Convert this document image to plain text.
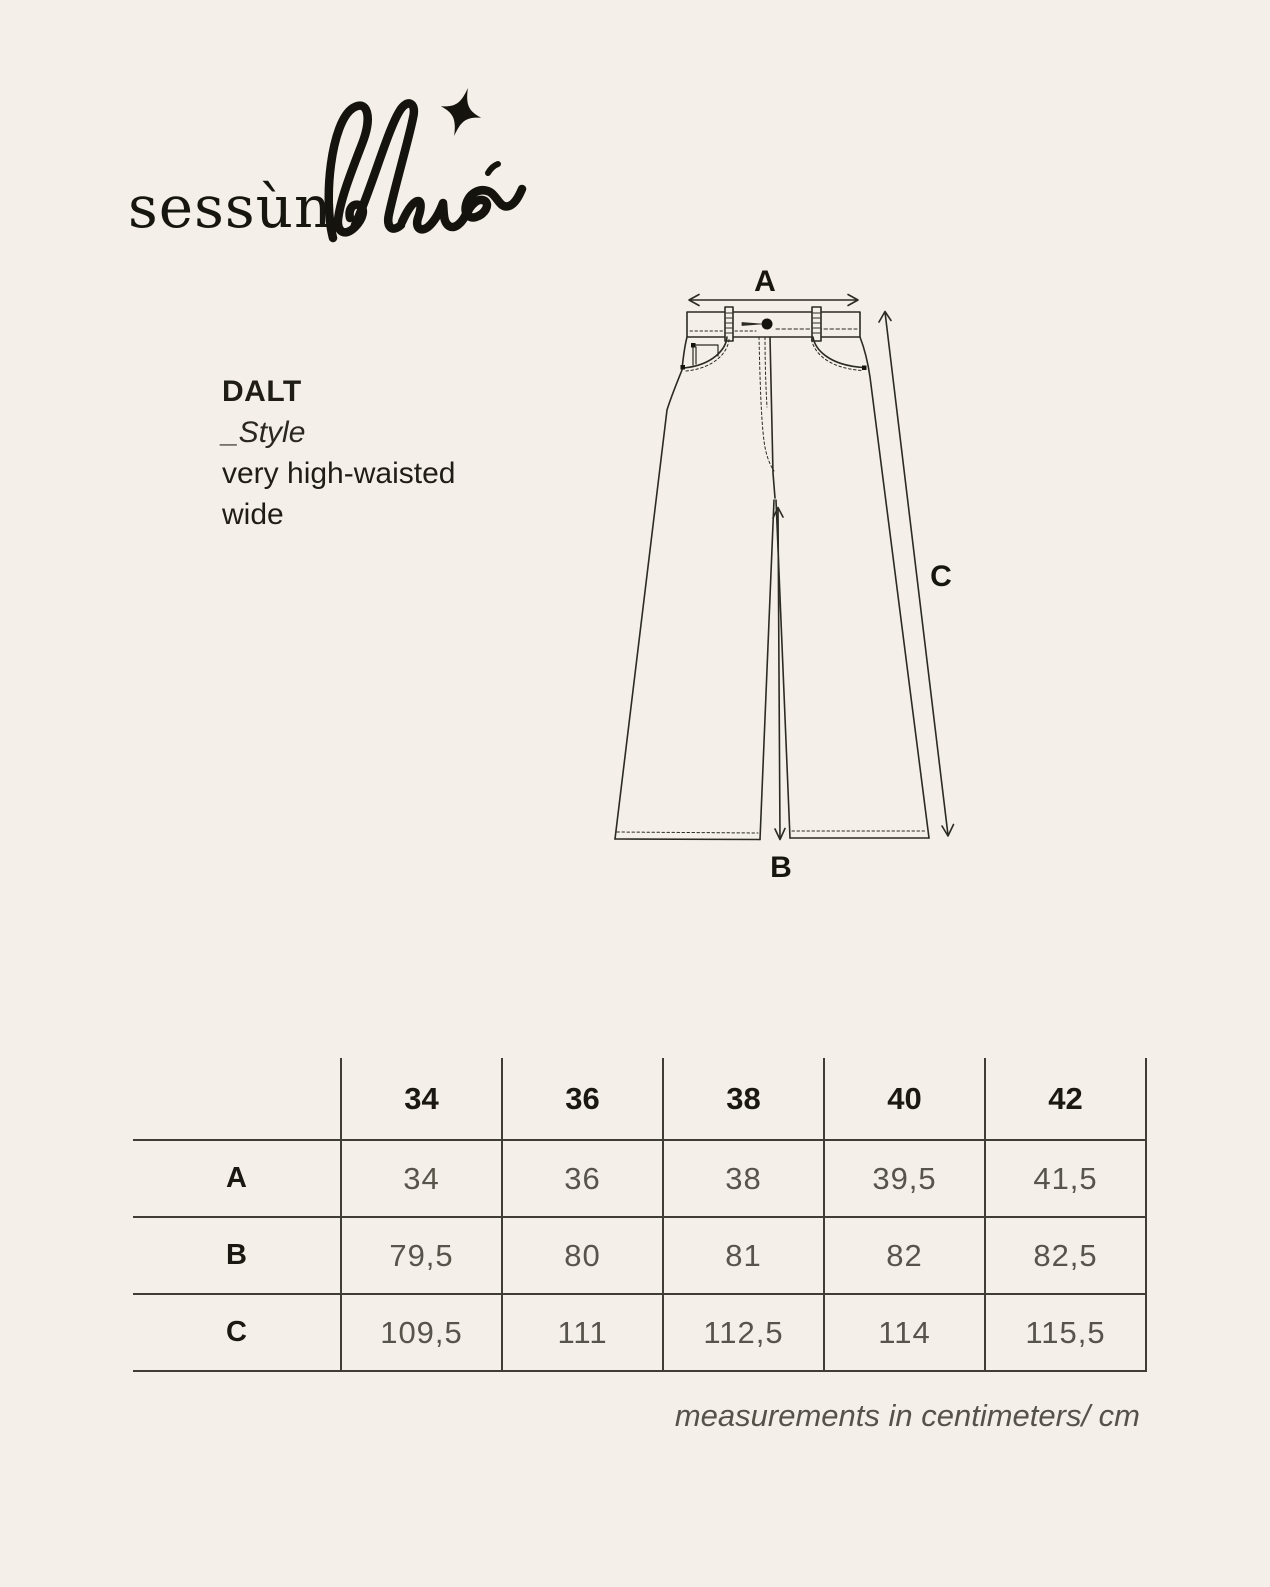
sessùn
DALT
_Style
very high-waisted
wide
A
B
C
	34	36	38	40	42
A	34	36	38	39,5	41,5
B	79,5	80	81	82	82,5
C	109,5	111	112,5	114	115,5
measurements in centimeters/ cm
